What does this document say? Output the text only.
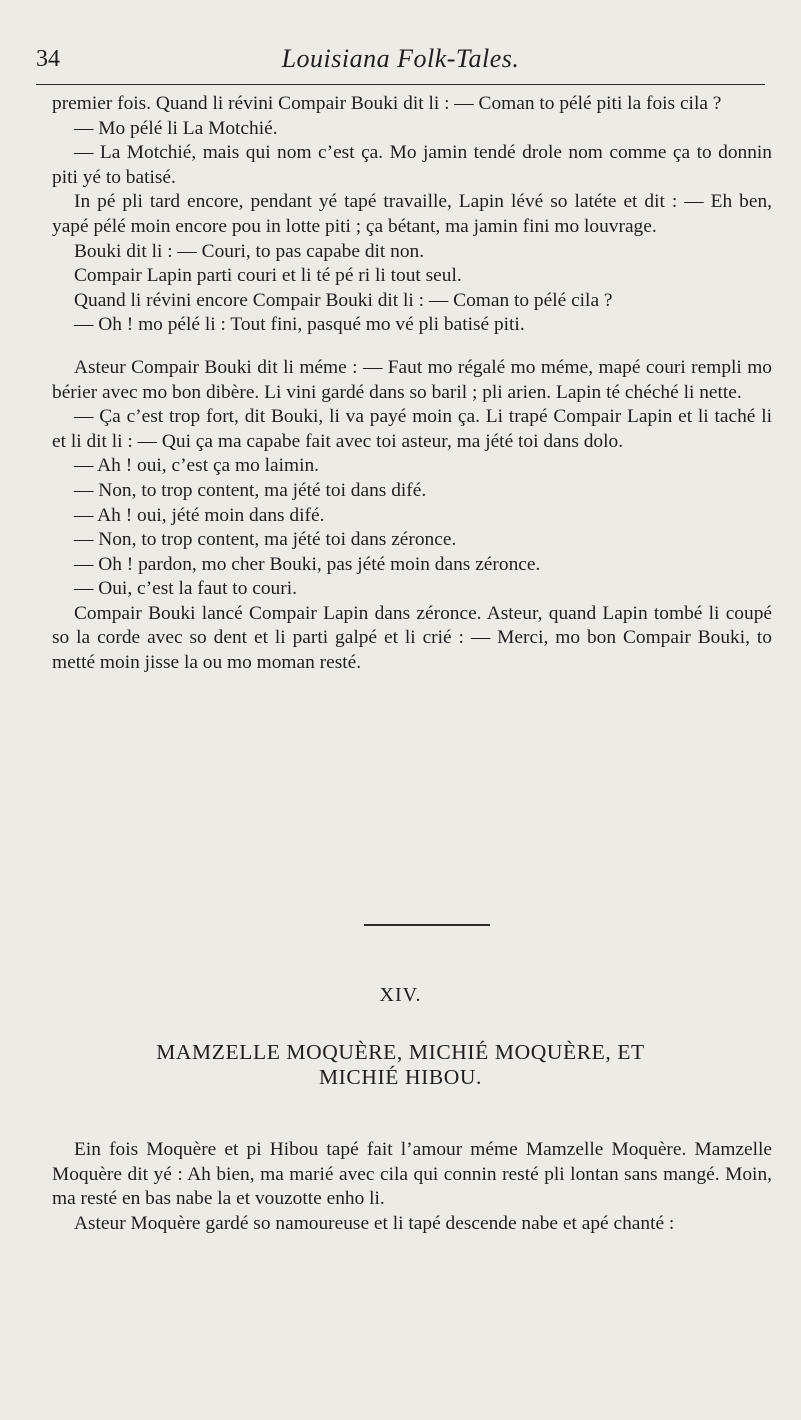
34	Louisiana Folk-Tales.

premier fois. Quand li révini Compair Bouki dit li : — Coman to pélé piti la fois cila ?

— Mo pélé li La Motchié.

— La Motchié, mais qui nom c’est ça. Mo jamin tendé drole nom comme ça to donnin piti yé to batisé.

In pé pli tard encore, pendant yé tapé travaille, Lapin lévé so latéte et dit : — Eh ben, yapé pélé moin encore pou in lotte piti ; ça bétant, ma jamin fini mo louvrage.

Bouki dit li : — Couri, to pas capabe dit non.

Compair Lapin parti couri et li té pé ri li tout seul.

Quand li révini encore Compair Bouki dit li : — Coman to pélé cila ?

— Oh ! mo pélé li : Tout fini, pasqué mo vé pli batisé piti.

Asteur Compair Bouki dit li méme : — Faut mo régalé mo méme, mapé couri rempli mo bérier avec mo bon dibère. Li vini gardé dans so baril ; pli arien. Lapin té chéché li nette.

— Ça c’est trop fort, dit Bouki, li va payé moin ça. Li trapé Compair Lapin et li taché li et li dit li : — Qui ça ma capabe fait avec toi asteur, ma jété toi dans dolo.

— Ah ! oui, c’est ça mo laimin.

— Non, to trop content, ma jété toi dans difé.

— Ah ! oui, jété moin dans difé.

— Non, to trop content, ma jété toi dans zéronce.

— Oh ! pardon, mo cher Bouki, pas jété moin dans zéronce.

— Oui, c’est la faut to couri.

Compair Bouki lancé Compair Lapin dans zéronce. Asteur, quand Lapin tombé li coupé so la corde avec so dent et li parti galpé et li crié : — Merci, mo bon Compair Bouki, to metté moin jisse la ou mo moman resté.

XIV.
MAMZELLE MOQUÈRE, MICHIÉ MOQUÈRE, ET
MICHIÉ HIBOU.

Ein fois Moquère et pi Hibou tapé fait l’amour méme Mamzelle Moquère. Mamzelle Moquère dit yé : Ah bien, ma marié avec cila qui connin resté pli lontan sans mangé. Moin, ma resté en bas nabe la et vouzotte enho li.

Asteur Moquère gardé so namoureuse et li tapé descende nabe et apé chanté :
